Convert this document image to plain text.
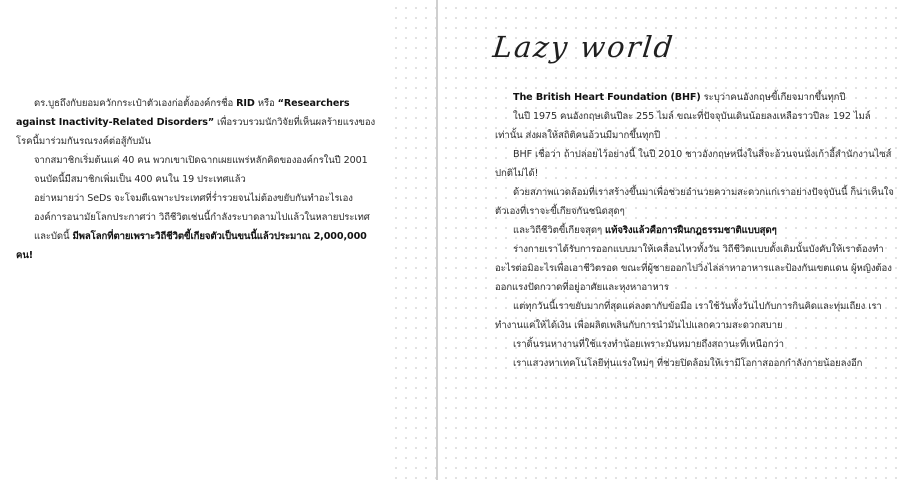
ดร.บูธถึงกับยอมควักกระเป๋าตัวเองก่อตั้งองค์กรชื่อ RID หรือ “Researchers against Inactivity-Related Disorders” เพื่อรวบรวมนักวิจัยที่เห็นผลร้ายแรงของโรคนี้มาร่วมกันรณรงค์ต่อสู้กับมัน

จากสมาชิกเริ่มต้นแค่ 40 คน พวกเขาเปิดฉากเผยแพร่หลักคิดขององค์กรในปี 2001

จนบัดนี้มีสมาชิกเพิ่มเป็น 400 คนใน 19 ประเทศแล้ว

อย่าหมายว่า SeDs จะโจมตีเฉพาะประเทศที่ร่ำรวยจนไม่ต้องขยับกันทำอะไรเอง

องค์การอนามัยโลกประกาศว่า วิถีชีวิตเช่นนี้กำลังระบาดลามไปแล้วในหลายประเทศ

และบัดนี้ มีพลโลกที่ตายเพราะวิถีชีวิตขี้เกียจตัวเป็นขนนี้แล้วประมาณ 2,000,000 คน!

Lazy world

The British Heart Foundation (BHF) ระบุว่าคนอังกฤษขี้เกียจมากขึ้นทุกปี

ในปี 1975 คนอังกฤษเดินปีละ 255 ไมล์ ขณะที่ปัจจุบันเดินน้อยลงเหลือราวปีละ 192 ไมล์เท่านั้น ส่งผลให้สถิติคนอ้วนมีมากขึ้นทุกปี

BHF เชื่อว่า ถ้าปล่อยไว้อย่างนี้ ในปี 2010 ชาวอังกฤษหนึ่งในสี่จะอ้วนจนนั่งเก้าอี้สำนักงานไซส์ปกติไม่ได้!

ด้วยสภาพแวดล้อมที่เราสร้างขึ้นมาเพื่อช่วยอำนวยความสะดวกแก่เราอย่างปัจจุบันนี้ ก็น่าเห็นใจตัวเองที่เราจะขี้เกียจกันชนิดสุดๆ

และวิถีชีวิตขี้เกียจสุดๆ แท้จริงแล้วคือการฝืนกฎธรรมชาติแบบสุดๆ

ร่างกายเราได้รับการออกแบบมาให้เคลื่อนไหวทั้งวัน วิถีชีวิตแบบดั้งเดิมนั้นบังคับให้เราต้องทำอะไรต่อมิอะไรเพื่อเอาชีวิตรอด ขณะที่ผู้ชายออกไปวิ่งไล่ล่าหาอาหารและป้องกันเขตแดน ผู้หญิงต้องออกแรงปัดกวาดที่อยู่อาศัยและหุงหาอาหาร

แต่ทุกวันนี้เราขยับมากที่สุดแค่ลงตากับข้อมือ เราใช้วันทั้งวันไปกับการกินคิดและทุ่มเถียง เราทำงานแค่ให้ได้เงิน เพื่อผลิตเพลินกับการนำมันไปแลกความสะดวกสบาย

เราดิ้นรนหางานที่ใช้แรงทำน้อยเพราะมันหมายถึงสถานะที่เหนือกว่า

เราแสวงหาเทคโนโลยีทุ่นแรงใหม่ๆ ที่ช่วยปิดล้อมให้เรามีโอกาสออกกำลังกายน้อยลงอีก
